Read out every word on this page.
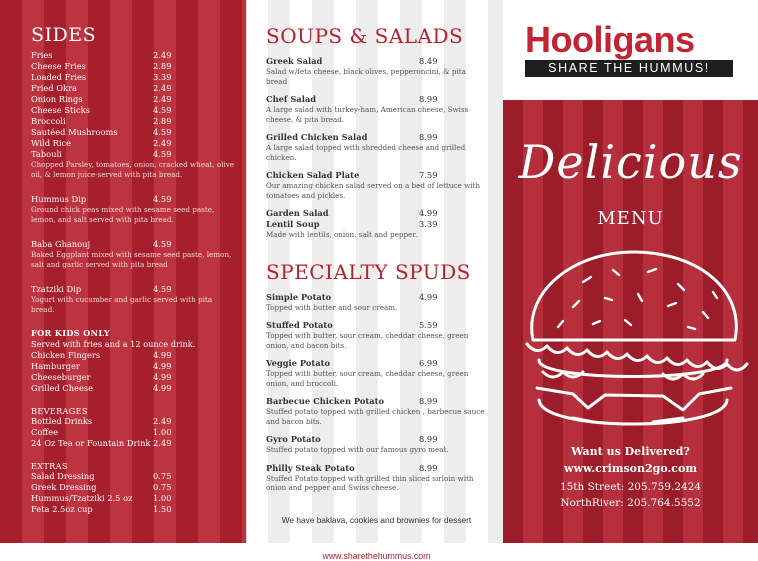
SIDES
Fries	2.49
Cheese Fries	2.89
Loaded Fries	3.39
Fried Okra	2.49
Onion Rings	2.49
Cheese Sticks	4.59
Broccoli	2.89
Sautéed Mushrooms	4.59
Wild Rice	2.49
Tabouli	4.59
Chopped Parsley, tomatoes, onion, cracked wheat, olive oil, & lemon juice-served with pita bread.
Hummus Dip	4.59
Ground chick peas mixed with sesame seed paste, lemon, and salt served with pita bread.
Baba Ghanouj	4.59
Baked Eggplant mixed with sesame seed paste, lemon, salt and garlic served with pita bread
Tzatziki Dip	4.59
Yogurt with cucumber and garlic served with pita bread.
FOR KIDS ONLY
Served with fries and a 12 ounce drink.
Chicken Fingers	4.99
Hamburger	4.99
Cheeseburger	4.99
Grilled Cheese	4.99
BEVERAGES
Bottled Drinks	2.49
Coffee	1.00
24 Oz Tea or Fountain Drink 2.49
EXTRAS
Salad Dressing	0.75
Greek Dressing	0.75
Hummus/Tzatziki 2.5 oz	1.00
Feta 2.5oz cup	1.50
SOUPS & SALADS
Greek Salad	8.49
Salad w/feta cheese, black olives, pepperoncini, & pita bread
Chef Salad	8.99
A large salad with turkey-ham, American cheese, Swiss cheese, & pita bread.
Grilled Chicken Salad	8.99
A large salad topped with shredded cheese and grilled chicken.
Chicken Salad Plate	7.59
Our amazing chicken salad served on a bed of lettuce with tomatoes and pickles.
Garden Salad	4.99
Lentil Soup	3.39
Made with lentils, onion, salt and pepper.
SPECIALTY SPUDS
Simple Potato	4.99
Topped with butter and sour cream.
Stuffed Potato	5.59
Topped with butter, sour cream, cheddar cheese, green onion, and bacon bits.
Veggie Potato	6.99
Topped with butter, sour cream, cheddar cheese, green onion, and broccoli.
Barbecue Chicken Potato	8.99
Stuffed potato topped with grilled chicken , barbecue sauce and bacon bits.
Gyro Potato	8.99
Stuffed potato topped with our famous gyro meat.
Philly Steak Potato	8.99
Stuffed Potato topped with grilled thin sliced sirloin with onion and pepper and Swiss cheese.
We have baklava, cookies and brownies for dessert
www.sharethehummus.com
Hooligans
SHARE THE HUMMUS!
Delicious
MENU
Want us Delivered?
www.crimson2go.com
15th Street: 205.759.2424
NorthRiver: 205.764.5552
